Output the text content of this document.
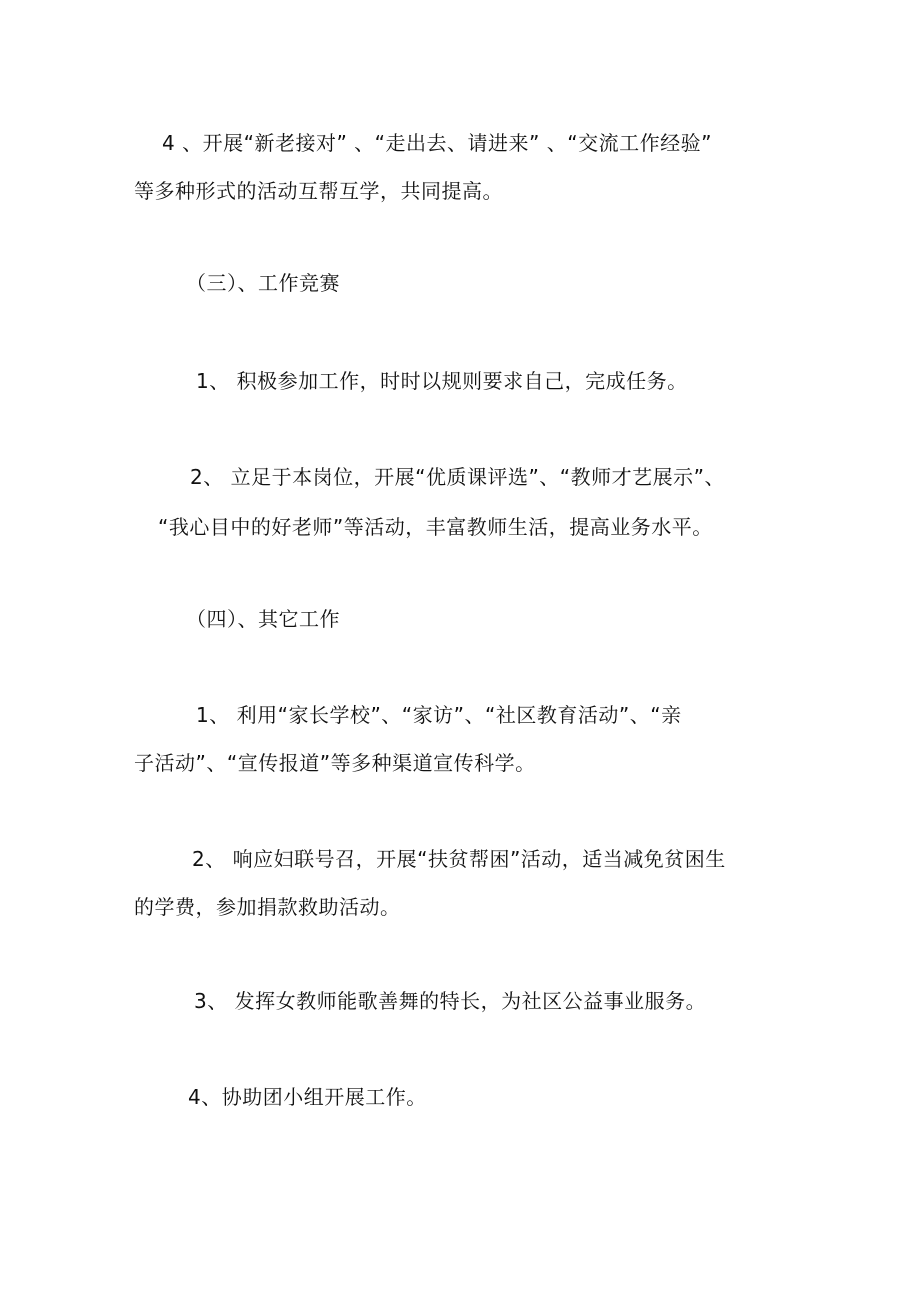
4 、开展“新老接对” 、“走出去、请进来” 、“交流工作经验”
等多种形式的活动互帮互学，共同提高。
（三）、工作竞赛
1、 积极参加工作，时时以规则要求自己，完成任务。
2、 立足于本岗位，开展“优质课评选”、“教师才艺展示”、
“我心目中的好老师”等活动，丰富教师生活，提高业务水平。
（四）、其它工作
1、 利用“家长学校”、“家访”、“社区教育活动”、“亲
子活动”、“宣传报道”等多种渠道宣传科学。
2、 响应妇联号召，开展“扶贫帮困”活动，适当减免贫困生
的学费，参加捐款救助活动。
3、 发挥女教师能歌善舞的特长，为社区公益事业服务。
4、协助团小组开展工作。
